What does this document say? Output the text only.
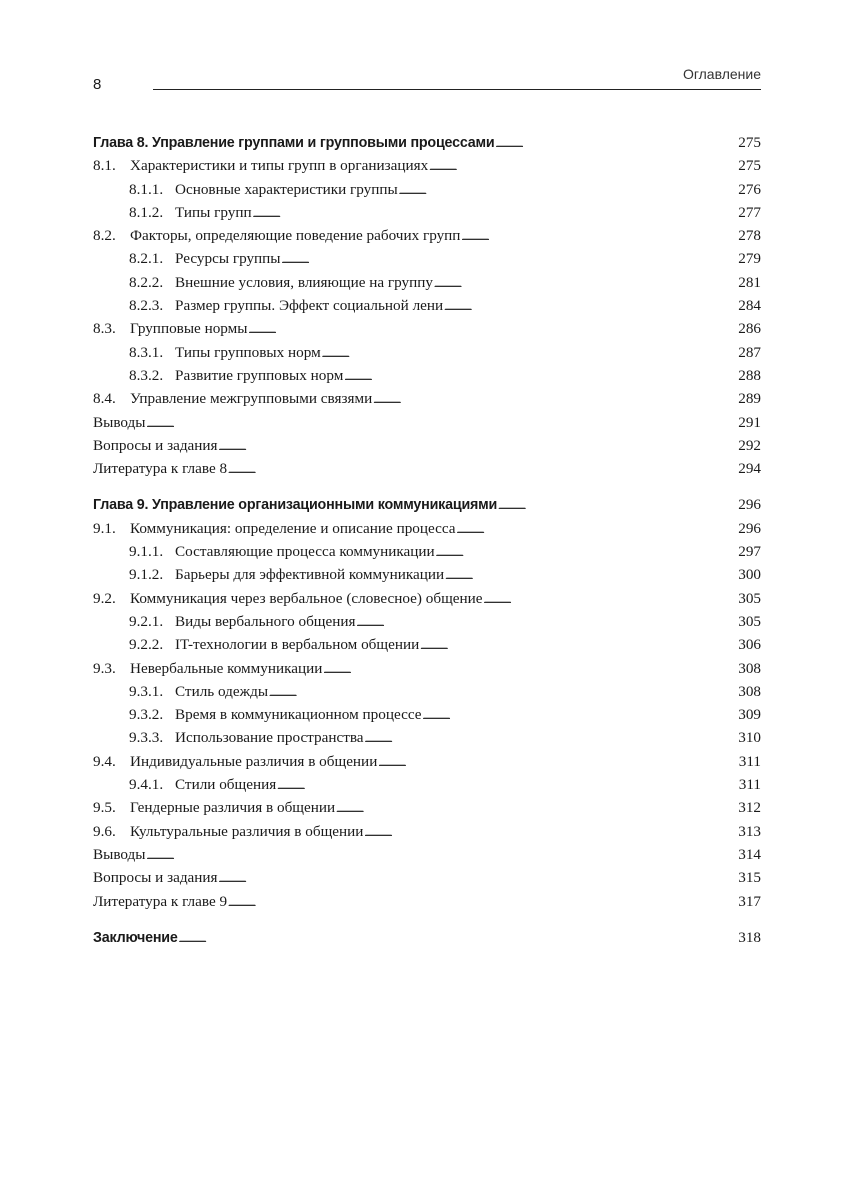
8
Оглавление
Глава 8. Управление группами и групповыми процессами . . .	275
8.1. Характеристики и типы групп в организациях . . .	275
8.1.1. Основные характеристики группы . . .	276
8.1.2. Типы групп . . .	277
8.2. Факторы, определяющие поведение рабочих групп . . .	278
8.2.1. Ресурсы группы . . .	279
8.2.2. Внешние условия, влияющие на группу . . .	281
8.2.3. Размер группы. Эффект социальной лени . . .	284
8.3. Групповые нормы . . .	286
8.3.1. Типы групповых норм . . .	287
8.3.2. Развитие групповых норм . . .	288
8.4. Управление межгрупповыми связями . . .	289
Выводы . . .	291
Вопросы и задания . . .	292
Литература к главе 8 . . .	294
Глава 9. Управление организационными коммуникациями . . .	296
9.1. Коммуникация: определение и описание процесса . . .	296
9.1.1. Составляющие процесса коммуникации . . .	297
9.1.2. Барьеры для эффективной коммуникации . . .	300
9.2. Коммуникация через вербальное (словесное) общение . . .	305
9.2.1. Виды вербального общения . . .	305
9.2.2. IT-технологии в вербальном общении . . .	306
9.3. Невербальные коммуникации . . .	308
9.3.1. Стиль одежды . . .	308
9.3.2. Время в коммуникационном процессе . . .	309
9.3.3. Использование пространства . . .	310
9.4. Индивидуальные различия в общении . . .	311
9.4.1. Стили общения . . .	311
9.5. Гендерные различия в общении . . .	312
9.6. Культуральные различия в общении . . .	313
Выводы . . .	314
Вопросы и задания . . .	315
Литература к главе 9 . . .	317
Заключение . . .	318
